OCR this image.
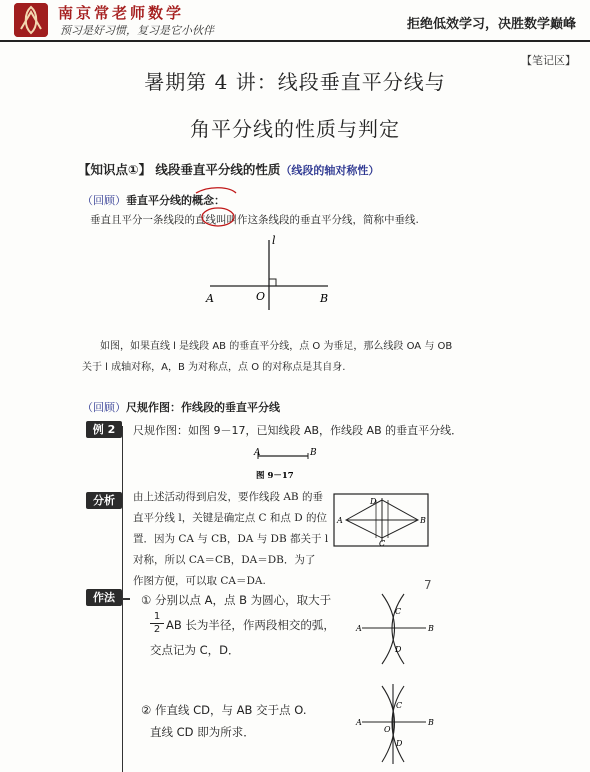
南京常老师数学
预习是好习惯，复习是它小伙伴	拒绝低效学习，决胜数学巅峰
【笔记区】
暑期第 4 讲：线段垂直平分线与
角平分线的性质与判定
【知识点①】 线段垂直平分线的性质（线段的轴对称性）
（回顾）垂直平分线的概念：
垂直且平分一条线段的直线叫叫作这条线段的垂直平分线，简称中垂线.
l
A	O	B
如图，如果直线 l 是线段 AB 的垂直平分线，点 O 为垂足，那么线段 OA 与 OB
关于 l 成轴对称，A，B 为对称点，点 O 的对称点是其自身.
（回顾）尺规作图：作线段的垂直平分线
例 2	尺规作图：如图 9－17，已知线段 AB，作线段 AB 的垂直平分线．
A	B
图 9－17
分析	由上述活动得到启发，要作线段 AB 的垂
直平分线 l，关键是确定点 C 和点 D 的位
置．因为 CA 与 CB，DA 与 DB 都关于 l
对称，所以 CA＝CB，DA＝DB．为了
作图方便，可以取 CA＝DA.
A	B
C
D
作法	① 分别以点 A，点 B 为圆心，取大于
$\frac{1}{2}$ AB 长为半径，作两段相交的弧，
交点记为 C，D．
A	B
C
D
② 作直线 CD，与 AB 交于点 O.
直线 CD 即为所求．
A	B
C
D
O
7
